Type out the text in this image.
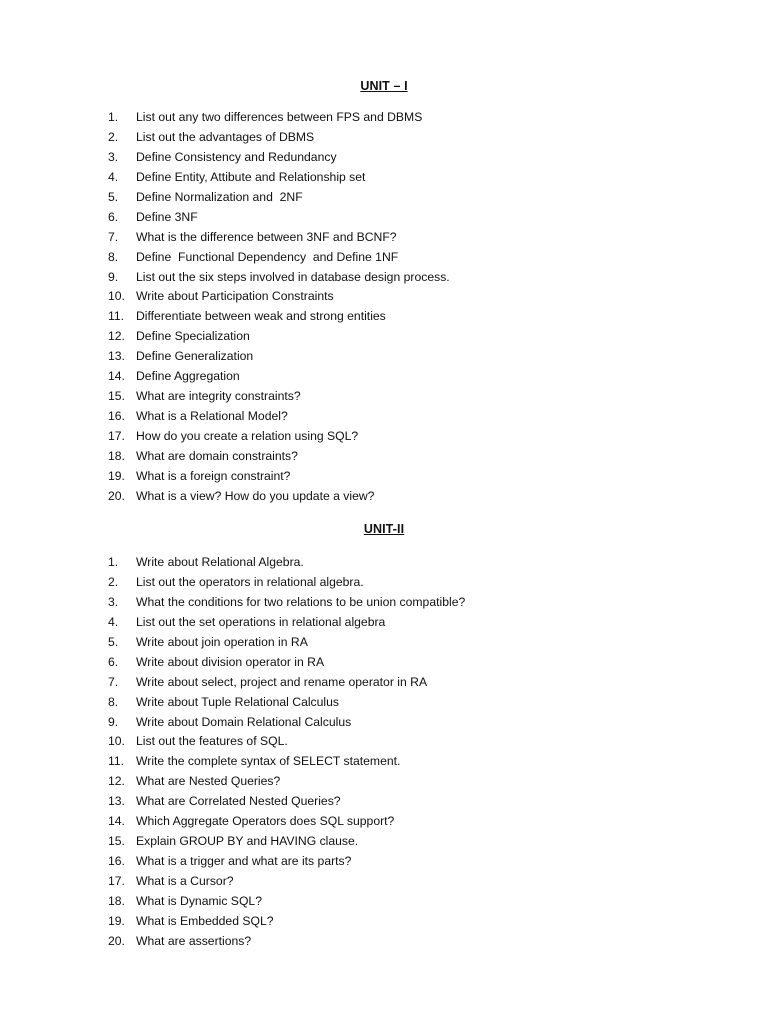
UNIT – I
1.	List out any two differences between FPS and DBMS
2.	List out the advantages of DBMS
3.	Define Consistency and Redundancy
4.	Define Entity, Attibute and Relationship set
5.	Define Normalization and  2NF
6.	Define 3NF
7.	What is the difference between 3NF and BCNF?
8.	Define  Functional Dependency  and Define 1NF
9.	List out the six steps involved in database design process.
10. Write about Participation Constraints
11. Differentiate between weak and strong entities
12. Define Specialization
13. Define Generalization
14. Define Aggregation
15. What are integrity constraints?
16. What is a Relational Model?
17. How do you create a relation using SQL?
18. What are domain constraints?
19. What is a foreign constraint?
20. What is a view? How do you update a view?
UNIT-II
1.	Write about Relational Algebra.
2.	List out the operators in relational algebra.
3.	What the conditions for two relations to be union compatible?
4.	List out the set operations in relational algebra
5.	Write about join operation in RA
6.	Write about division operator in RA
7.	Write about select, project and rename operator in RA
8.	Write about Tuple Relational Calculus
9.	Write about Domain Relational Calculus
10. List out the features of SQL.
11. Write the complete syntax of SELECT statement.
12. What are Nested Queries?
13. What are Correlated Nested Queries?
14. Which Aggregate Operators does SQL support?
15. Explain GROUP BY and HAVING clause.
16. What is a trigger and what are its parts?
17. What is a Cursor?
18. What is Dynamic SQL?
19. What is Embedded SQL?
20. What are assertions?
